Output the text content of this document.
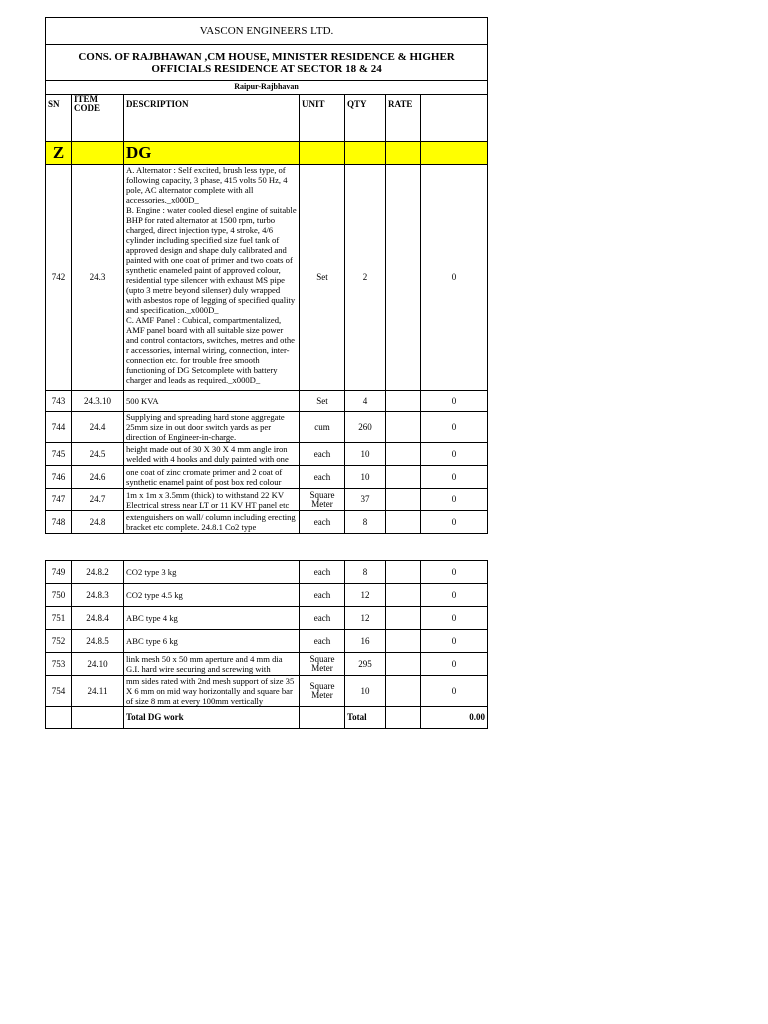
VASCON ENGINEERS LTD.						
CONS. OF RAJBHAWAN ,CM HOUSE, MINISTER RESIDENCE & HIGHER OFFICIALS RESIDENCE AT SECTOR 18 & 24						
Raipur-Rajbhavan						
SN	ITEM CODE	DESCRIPTION	UNIT	QTY	RATE	
Z		DG				
742	24.3	A. Alternator : Self excited, brush less type, of following capacity, 3 phase, 415 volts 50 Hz, 4 pole, AC alternator complete with all accessories._x000D_
B. Engine : water cooled diesel engine of suitable BHP for rated alternator at 1500 rpm, turbo charged, direct injection type, 4 stroke, 4/6 cylinder including specified size fuel tank of approved design and shape duly calibrated and painted with one coat of primer and two coats of synthetic enameled paint of approved colour, residential type silencer with exhaust MS pipe (upto 3 metre beyond silenser) duly wrapped with asbestos rope of legging of specified quality and specification._x000D_
C. AMF Panel : Cubical, compartmentalized, AMF panel board with all suitable size power and control contactors, switches, metres and othe r accessories, internal wiring, connection, inter-connection etc. for trouble free smooth functioning of DG Setcomplete with battery charger and leads as required._x000D_	Set	2		0
743	24.3.10	500 KVA	Set	4		0
744	24.4	Supplying and spreading hard stone aggregate 25mm size in out door switch yards as per direction of Engineer-in-charge.	cum	260		0
745	24.5	height made out of 30 X 30 X 4 mm angle iron welded with 4 hooks and duly painted with one	each	10		0
746	24.6	one coat of zinc cromate primer and 2 coat of synthetic enamel paint of post box red colour	each	10		0
747	24.7	1m x 1m x 3.5mm (thick) to withstand 22 KV Electrical stress near LT or 11 KV HT panel etc	Square Meter	37		0
748	24.8	extenguishers on wall/ column including erecting bracket etc complete. 24.8.1 Co2 type	each	8		0
749	24.8.2	CO2 type 3 kg	each	8		0
750	24.8.3	CO2 type 4.5 kg	each	12		0
751	24.8.4	ABC type 4 kg	each	12		0
752	24.8.5	ABC type 6 kg	each	16		0
753	24.10	link mesh 50 x 50 mm aperture and 4 mm dia G.I. hard wire securing and screwing with	Square Meter	295		0
754	24.11	mm sides rated with 2nd mesh support of size 35 X 6 mm on mid way horizontally and square bar of size 8 mm at every 100mm vertically	Square Meter	10		0
		Total DG work		Total		0.00
